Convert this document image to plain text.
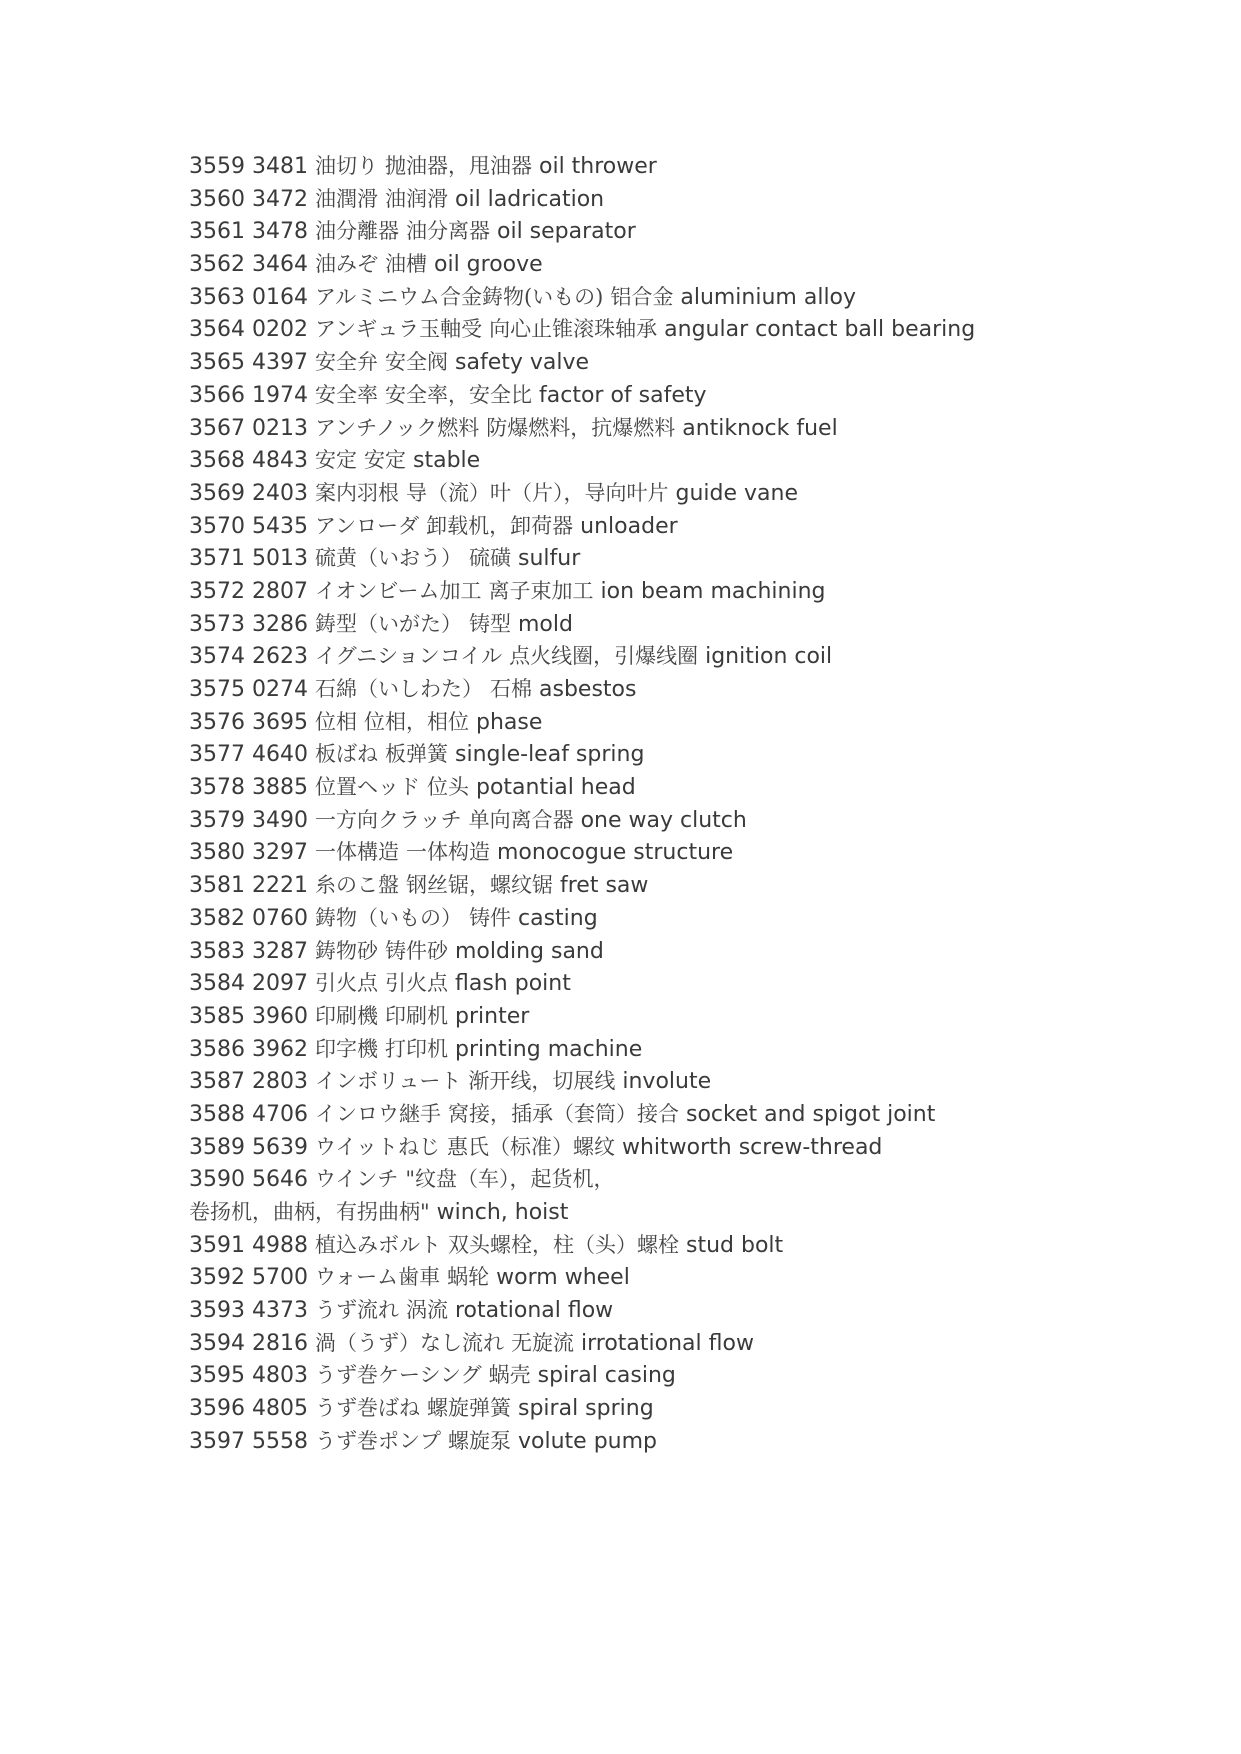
3559 3481 油切り 抛油器，甩油器 oil thrower
3560 3472 油潤滑 油润滑 oil ladrication
3561 3478 油分離器 油分离器 oil separator
3562 3464 油みぞ 油槽 oil groove
3563 0164 アルミニウム合金鋳物(いもの) 铝合金 aluminium alloy
3564 0202 アンギュラ玉軸受 向心止锥滚珠轴承 angular contact ball bearing
3565 4397 安全弁 安全阀 safety valve
3566 1974 安全率 安全率，安全比 factor of safety
3567 0213 アンチノック燃料 防爆燃料，抗爆燃料 antiknock fuel
3568 4843 安定 安定 stable
3569 2403 案内羽根 导（流）叶（片），导向叶片 guide vane
3570 5435 アンローダ 卸载机，卸荷器 unloader
3571 5013 硫黄（いおう） 硫磺 sulfur
3572 2807 イオンビーム加工 离子束加工 ion beam machining
3573 3286 鋳型（いがた） 铸型 mold
3574 2623 イグニションコイル 点火线圈，引爆线圈 ignition coil
3575 0274 石綿（いしわた） 石棉 asbestos
3576 3695 位相 位相，相位 phase
3577 4640 板ばね 板弹簧 single-leaf spring
3578 3885 位置ヘッド 位头 potantial head
3579 3490 一方向クラッチ 单向离合器 one way clutch
3580 3297 一体構造 一体构造 monocogue structure
3581 2221 糸のこ盤 钢丝锯，螺纹锯 fret saw
3582 0760 鋳物（いもの） 铸件 casting
3583 3287 鋳物砂 铸件砂 molding sand
3584 2097 引火点 引火点 flash point
3585 3960 印刷機 印刷机 printer
3586 3962 印字機 打印机 printing machine
3587 2803 インボリュート 渐开线，切展线 involute
3588 4706 インロウ継手 窝接，插承（套筒）接合 socket and spigot joint
3589 5639 ウイットねじ 惠氏（标准）螺纹 whitworth screw-thread
3590 5646 ウインチ "纹盘（车），起货机，
卷扬机，曲柄，有拐曲柄" winch, hoist
3591 4988 植込みボルト 双头螺栓，柱（头）螺栓 stud bolt
3592 5700 ウォーム歯車 蜗轮 worm wheel
3593 4373 うず流れ 涡流 rotational flow
3594 2816 渦（うず）なし流れ 无旋流 irrotational flow
3595 4803 うず巻ケーシング 蜗壳 spiral casing
3596 4805 うず巻ばね 螺旋弹簧 spiral spring
3597 5558 うず巻ポンプ 螺旋泵 volute pump
